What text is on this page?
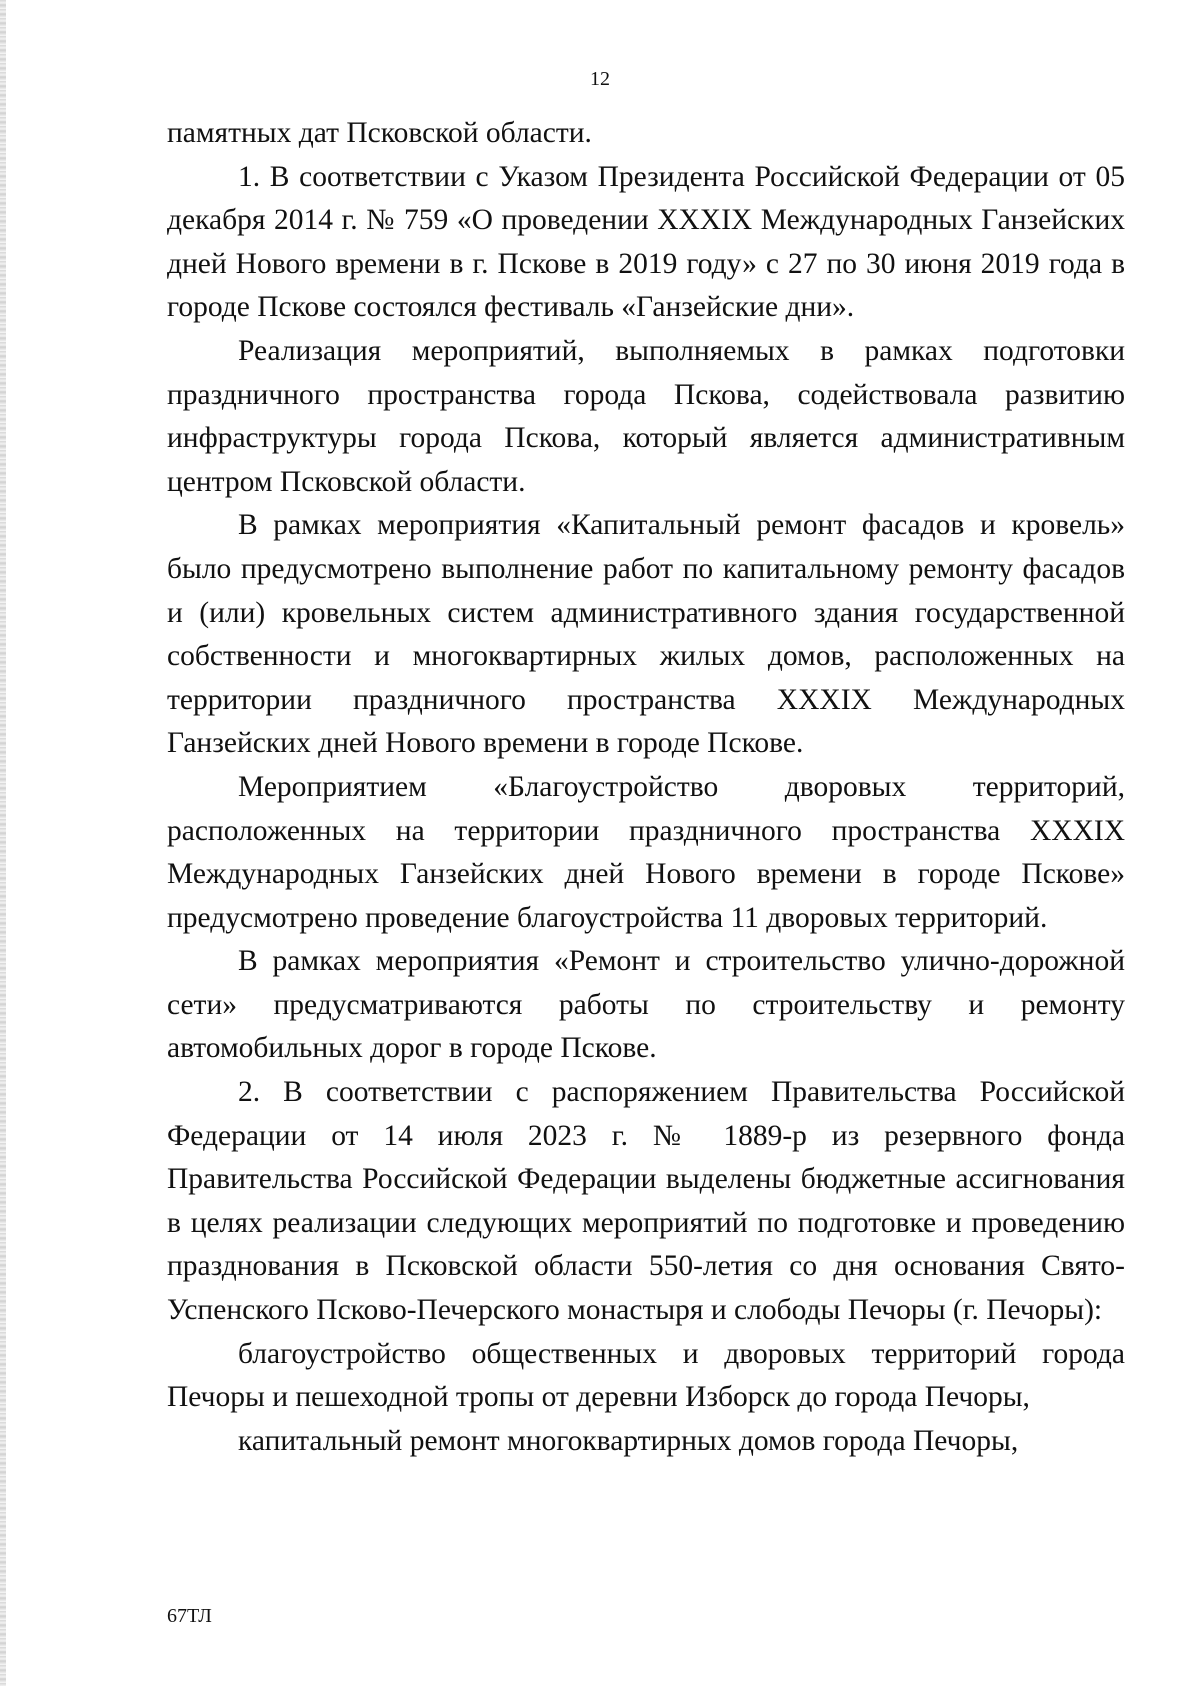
12

памятных дат Псковской области.

1. В соответствии с Указом Президента Российской Федерации от 05 декабря 2014 г. № 759 «О проведении XXXIX Международных Ганзейских дней Нового времени в г. Пскове в 2019 году» с 27 по 30 июня 2019 года в городе Пскове состоялся фестиваль «Ганзейские дни».

Реализация мероприятий, выполняемых в рамках подготовки праздничного пространства города Пскова, содействовала развитию инфраструктуры города Пскова, который является административным центром Псковской области.

В рамках мероприятия «Капитальный ремонт фасадов и кровель» было предусмотрено выполнение работ по капитальному ремонту фасадов и (или) кровельных систем административного здания государственной собственности и многоквартирных жилых домов, расположенных на территории праздничного пространства XXXIX Международных Ганзейских дней Нового времени в городе Пскове.

Мероприятием «Благоустройство дворовых территорий, расположенных на территории праздничного пространства XXXIX Международных Ганзейских дней Нового времени в городе Пскове» предусмотрено проведение благоустройства 11 дворовых территорий.

В рамках мероприятия «Ремонт и строительство улично-дорожной сети» предусматриваются работы по строительству и ремонту автомобильных дорог в городе Пскове.

2. В соответствии с распоряжением Правительства Российской Федерации от 14 июля 2023 г. № 1889-р из резервного фонда Правительства Российской Федерации выделены бюджетные ассигнования в целях реализации следующих мероприятий по подготовке и проведению празднования в Псковской области 550-летия со дня основания Свято-Успенского Псково-Печерского монастыря и слободы Печоры (г. Печоры):

благоустройство общественных и дворовых территорий города Печоры и пешеходной тропы от деревни Изборск до города Печоры,

капитальный ремонт многоквартирных домов города Печоры,

67ТЛ
